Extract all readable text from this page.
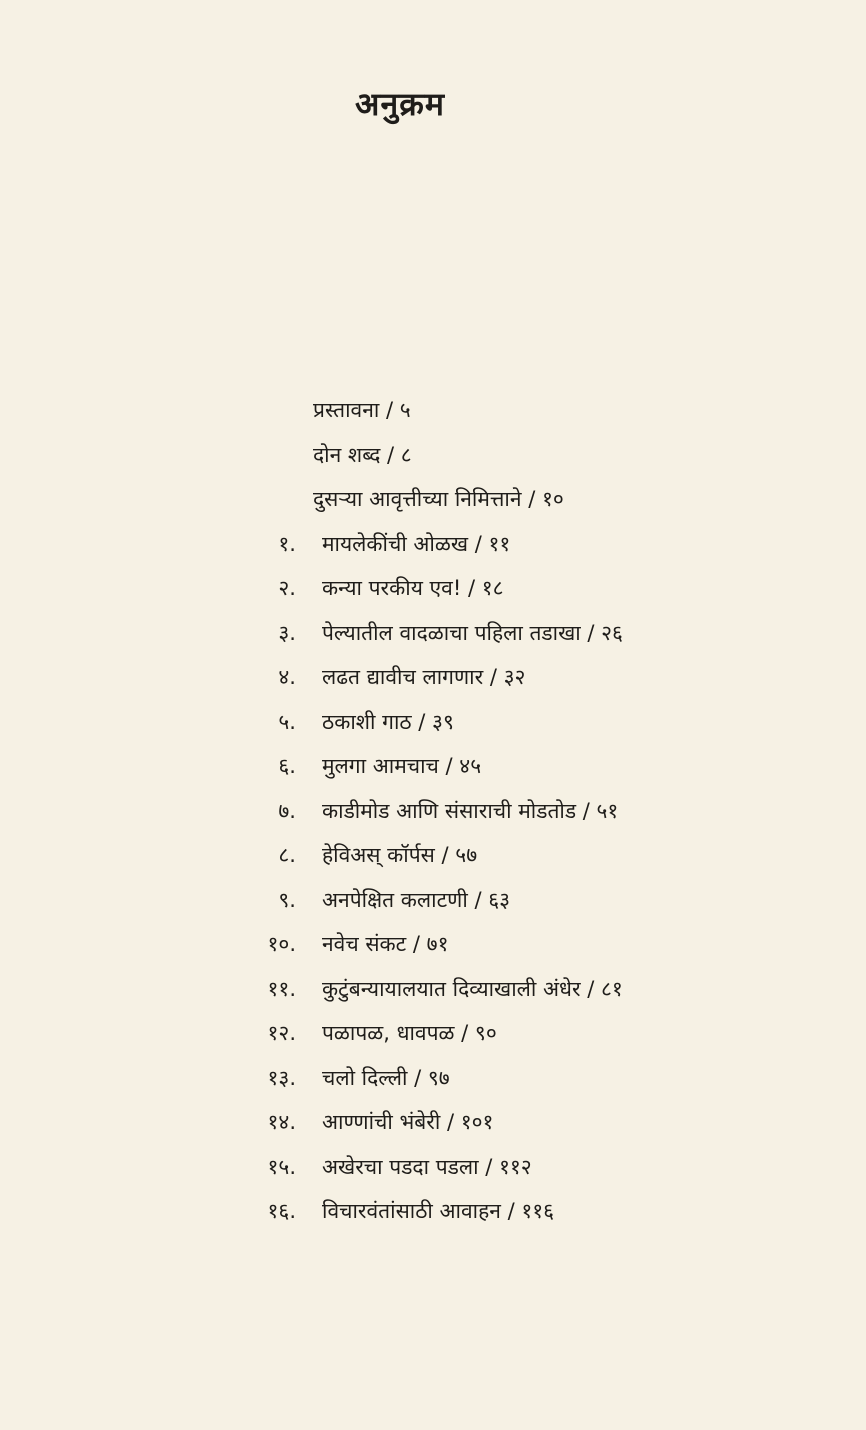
अनुक्रम
प्रस्तावना / ५
दोन शब्द / ८
दुसऱ्या आवृत्तीच्या निमित्ताने / १०
१. मायलेकींची ओळख / ११
२. कन्या परकीय एव! / १८
३. पेल्यातील वादळाचा पहिला तडाखा / २६
४. लढत द्यावीच लागणार / ३२
५. ठकाशी गाठ / ३९
६. मुलगा आमचाच / ४५
७. काडीमोड आणि संसाराची मोडतोड / ५१
८. हेविअस् कॉर्पस / ५७
९. अनपेक्षित कलाटणी / ६३
१०. नवेच संकट / ७१
११. कुटुंबन्यायालयात दिव्याखाली अंधेर / ८१
१२. पळापळ, धावपळ / ९०
१३. चलो दिल्ली / ९७
१४. आण्णांची भंबेरी / १०१
१५. अखेरचा पडदा पडला / ११२
१६. विचारवंतांसाठी आवाहन / ११६
